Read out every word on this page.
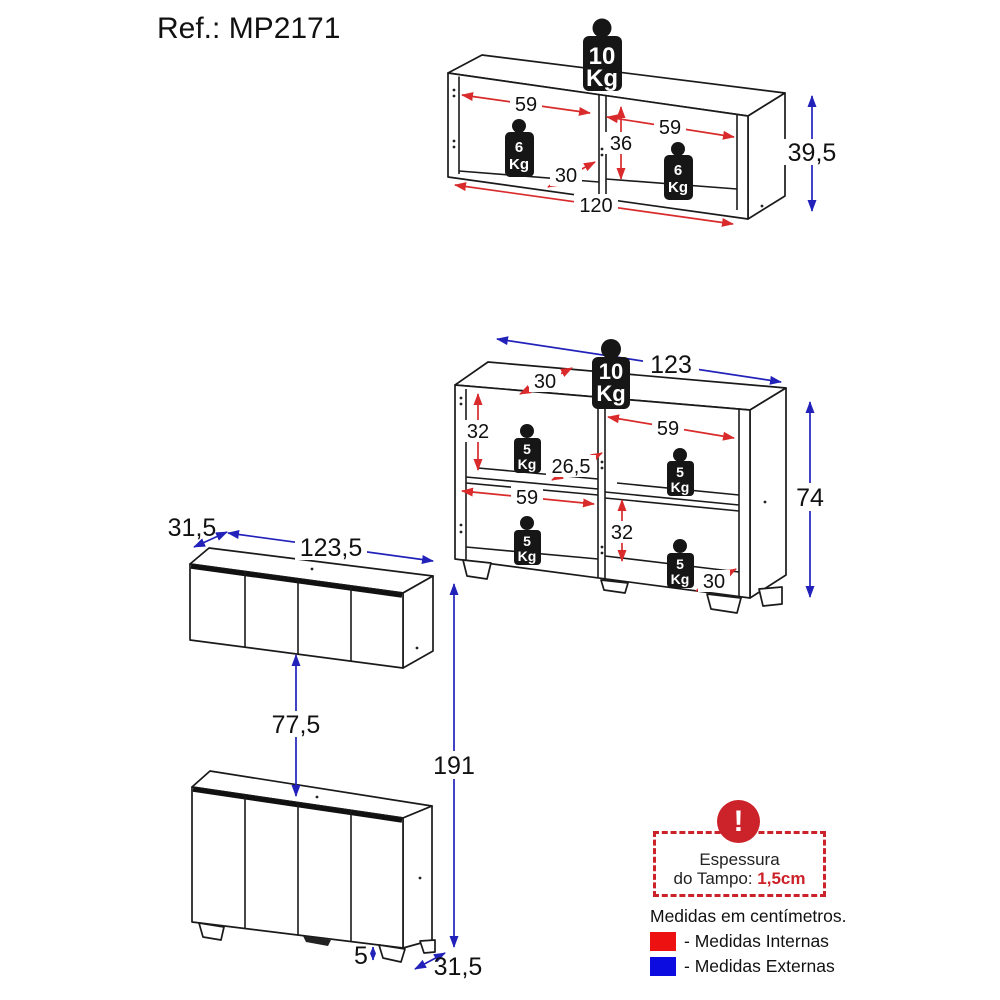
Ref.: MP2171
59
59
36
30
120
39,5
10
Kg
6
Kg	6
Kg
123
30
32	59
26,5
59
32
30
74
10
Kg
5
Kg	5
Kg
5
Kg	5
Kg
31,5
123,5
77,5
191
5	31,5
Espessura
do Tampo: 1,5cm
!
Medidas em centímetros.
- Medidas Internas
- Medidas Externas
